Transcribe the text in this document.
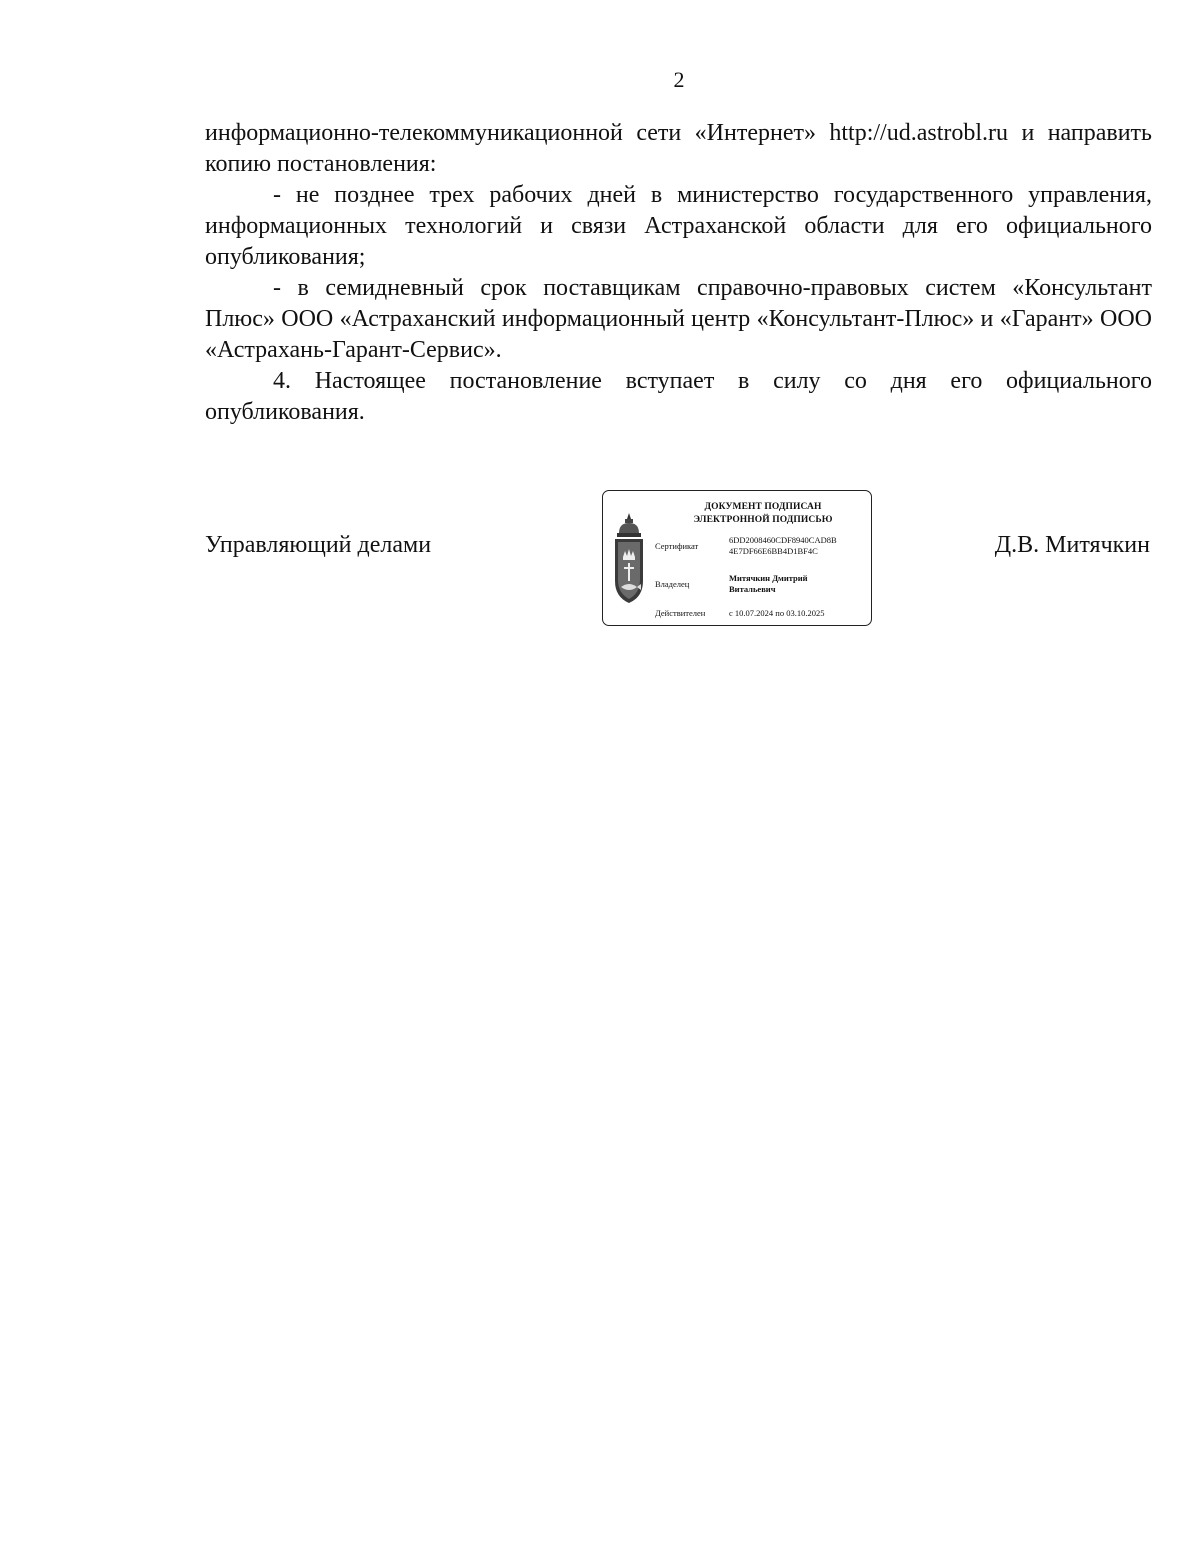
2

информационно-телекоммуникационной сети «Интернет» http://ud.astrobl.ru и направить копию постановления:

- не позднее трех рабочих дней в министерство государственного управления, информационных технологий и связи Астраханской области для его официального опубликования;

- в семидневный срок поставщикам справочно-правовых систем «Консультант Плюс» ООО «Астраханский информационный центр «Консультант-Плюс» и «Гарант» ООО «Астрахань-Гарант-Сервис».

4. Настоящее постановление вступает в силу со дня его официального опубликования.

Управляющий делами
ДОКУМЕНТ ПОДПИСАН
ЭЛЕКТРОННОЙ ПОДПИСЬЮ
Сертификат
6DD2008460CDF8940CAD8B
4E7DF66E6BB4D1BF4C
Владелец
Митячкин Дмитрий
Витальевич
Действителен	с 10.07.2024 по 03.10.2025
Д.В. Митячкин
